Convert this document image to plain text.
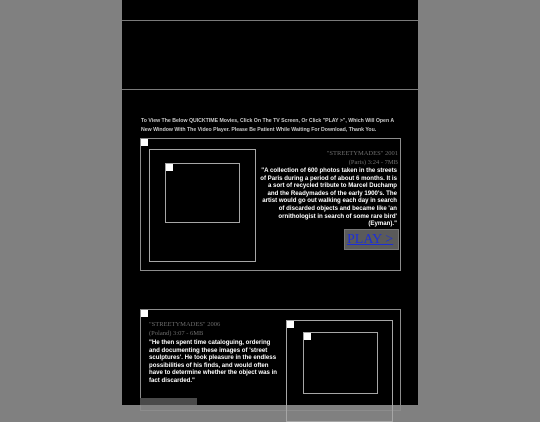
To View The Below QUICKTIME Movies, Click On The TV Screen, Or Click "PLAY >", Which Will Open A
New Window With The Video Player. Please Be Patient While Waiting For Download, Thank You.
"STREETYMADES" 2001
(Paris) 3:24 - 7MB
"A collection of 600 photos taken in the streets of Paris during a period of about 6 months. It is a sort of recycled tribute to Marcel Duchamp and the Readymades of the early 1900's. The artist would go out walking each day in search of discarded objects and became like 'an ornithologist in search of some rare bird' (Eyman)."
PLAY >
"STREETYMADES" 2006
(Poland) 3:07 - 6MB
"He then spent time cataloguing, ordering and documenting these images of 'street sculptures'. He took pleasure in the endless possibilities of his finds, and would often have to determine whether the object was in fact discarded."
